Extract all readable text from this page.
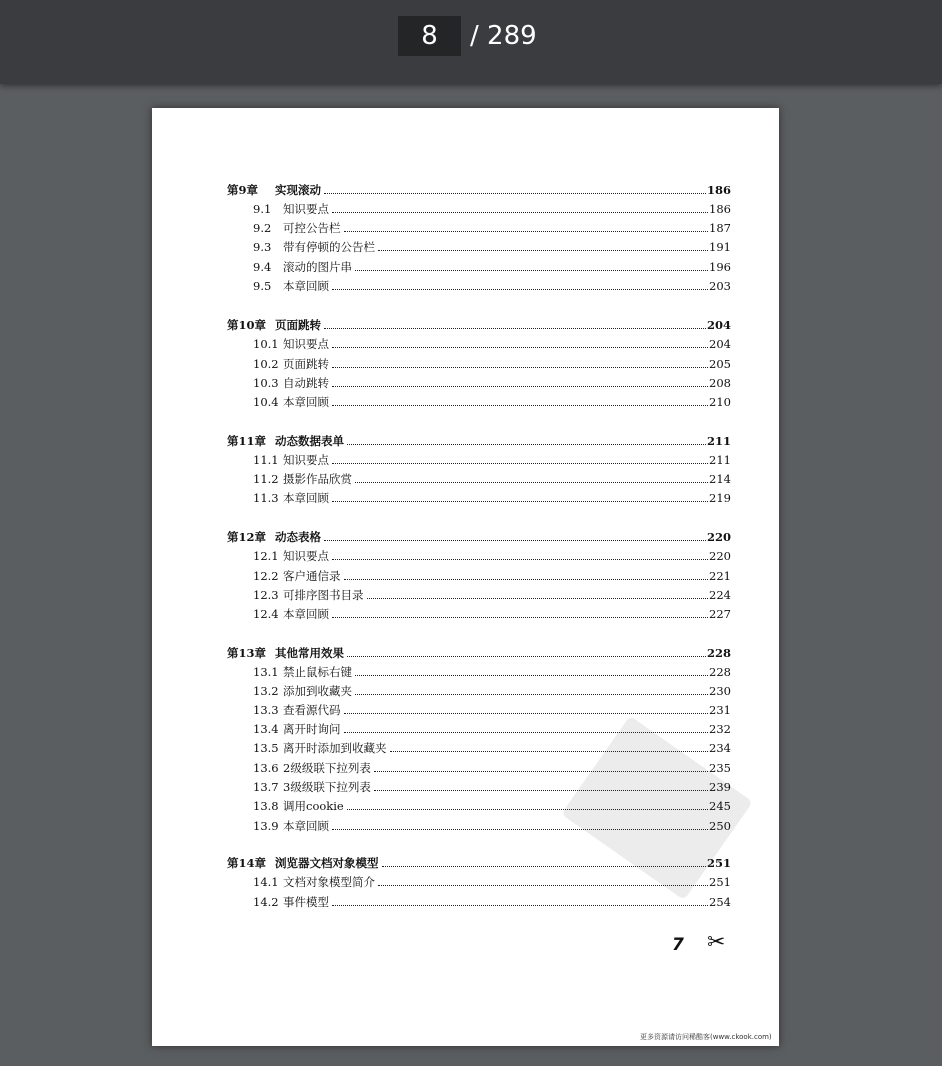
8	/ 289
DG
第9章	实现滚动	186
9.1	知识要点	186
9.2	可控公告栏	187
9.3	带有停顿的公告栏	191
9.4	滚动的图片串	196
9.5	本章回顾	203
第10章 页面跳转	204
10.1 知识要点	204
10.2 页面跳转	205
10.3 自动跳转	208
10.4 本章回顾	210
第11章 动态数据表单	211
11.1 知识要点	211
11.2 摄影作品欣赏	214
11.3 本章回顾	219
第12章 动态表格	220
12.1 知识要点	220
12.2 客户通信录	221
12.3 可排序图书目录	224
12.4 本章回顾	227
第13章 其他常用效果	228
13.1 禁止鼠标右键	228
13.2 添加到收藏夹	230
13.3 查看源代码	231
13.4 离开时询问	232
13.5 离开时添加到收藏夹	234
13.6 2级级联下拉列表	235
13.7 3级级联下拉列表	239
13.8 调用cookie	245
13.9 本章回顾	250
第14章 浏览器文档对象模型	251
14.1 文档对象模型简介	251
14.2 事件模型	254
7 ✂
更多资源请访问稀酷客(www.ckook.com)
